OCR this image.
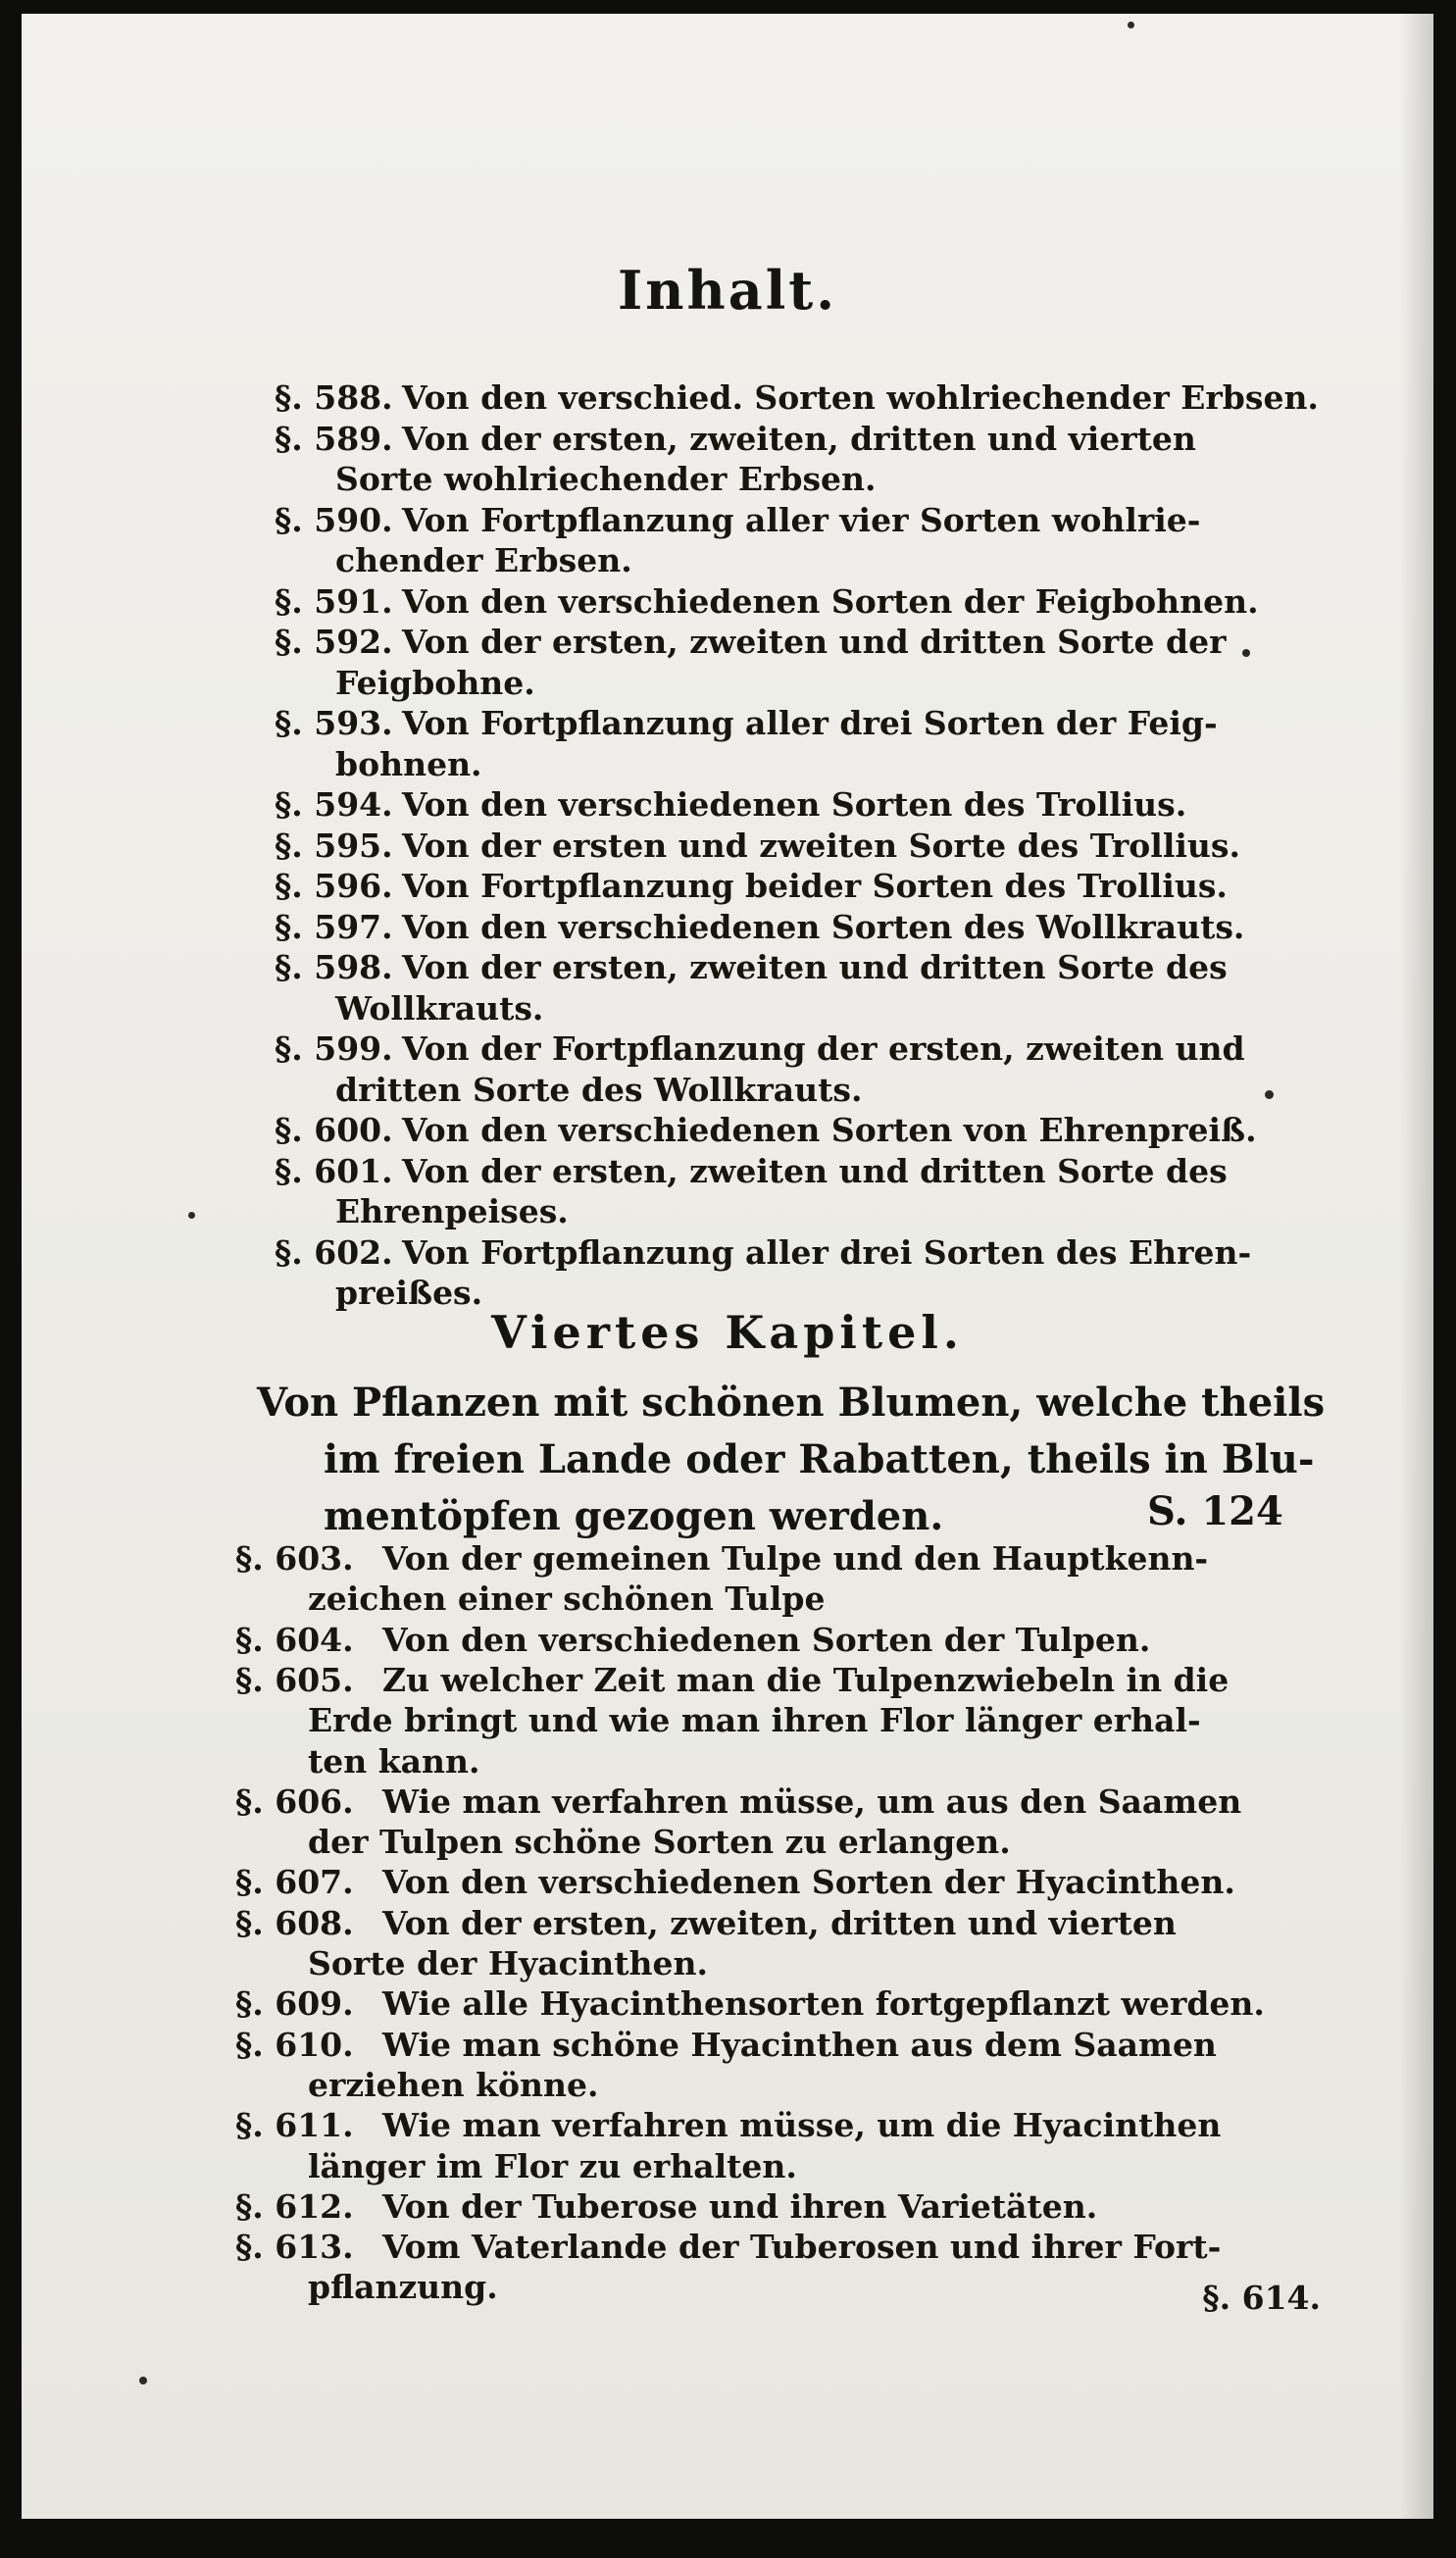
Inhalt.
§. 588. Von den verschied. Sorten wohlriechender Erbsen.
§. 589. Von der ersten, zweiten, dritten und vierten
Sorte wohlriechender Erbsen.
§. 590. Von Fortpflanzung aller vier Sorten wohlrie-
chender Erbsen.
§. 591. Von den verschiedenen Sorten der Feigbohnen.
§. 592. Von der ersten, zweiten und dritten Sorte der
Feigbohne.
§. 593. Von Fortpflanzung aller drei Sorten der Feig-
bohnen.
§. 594. Von den verschiedenen Sorten des Trollius.
§. 595. Von der ersten und zweiten Sorte des Trollius.
§. 596. Von Fortpflanzung beider Sorten des Trollius.
§. 597. Von den verschiedenen Sorten des Wollkrauts.
§. 598. Von der ersten, zweiten und dritten Sorte des
Wollkrauts.
§. 599. Von der Fortpflanzung der ersten, zweiten und
dritten Sorte des Wollkrauts.
§. 600. Von den verschiedenen Sorten von Ehrenpreiß.
§. 601. Von der ersten, zweiten und dritten Sorte des
Ehrenpeises.
§. 602. Von Fortpflanzung aller drei Sorten des Ehren-
preißes.
Viertes Kapitel.
Von Pflanzen mit schönen Blumen, welche theils
im freien Lande oder Rabatten, theils in Blu-
mentöpfen gezogen werden.	S. 124
§. 603. Von der gemeinen Tulpe und den Hauptkenn-
zeichen einer schönen Tulpe
§. 604. Von den verschiedenen Sorten der Tulpen.
§. 605. Zu welcher Zeit man die Tulpenzwiebeln in die
Erde bringt und wie man ihren Flor länger erhal-
ten kann.
§. 606. Wie man verfahren müsse, um aus den Saamen
der Tulpen schöne Sorten zu erlangen.
§. 607. Von den verschiedenen Sorten der Hyacinthen.
§. 608. Von der ersten, zweiten, dritten und vierten
Sorte der Hyacinthen.
§. 609. Wie alle Hyacinthensorten fortgepflanzt werden.
§. 610. Wie man schöne Hyacinthen aus dem Saamen
erziehen könne.
§. 611. Wie man verfahren müsse, um die Hyacinthen
länger im Flor zu erhalten.
§. 612. Von der Tuberose und ihren Varietäten.
§. 613. Vom Vaterlande der Tuberosen und ihrer Fort-
pflanzung.	§. 614.
